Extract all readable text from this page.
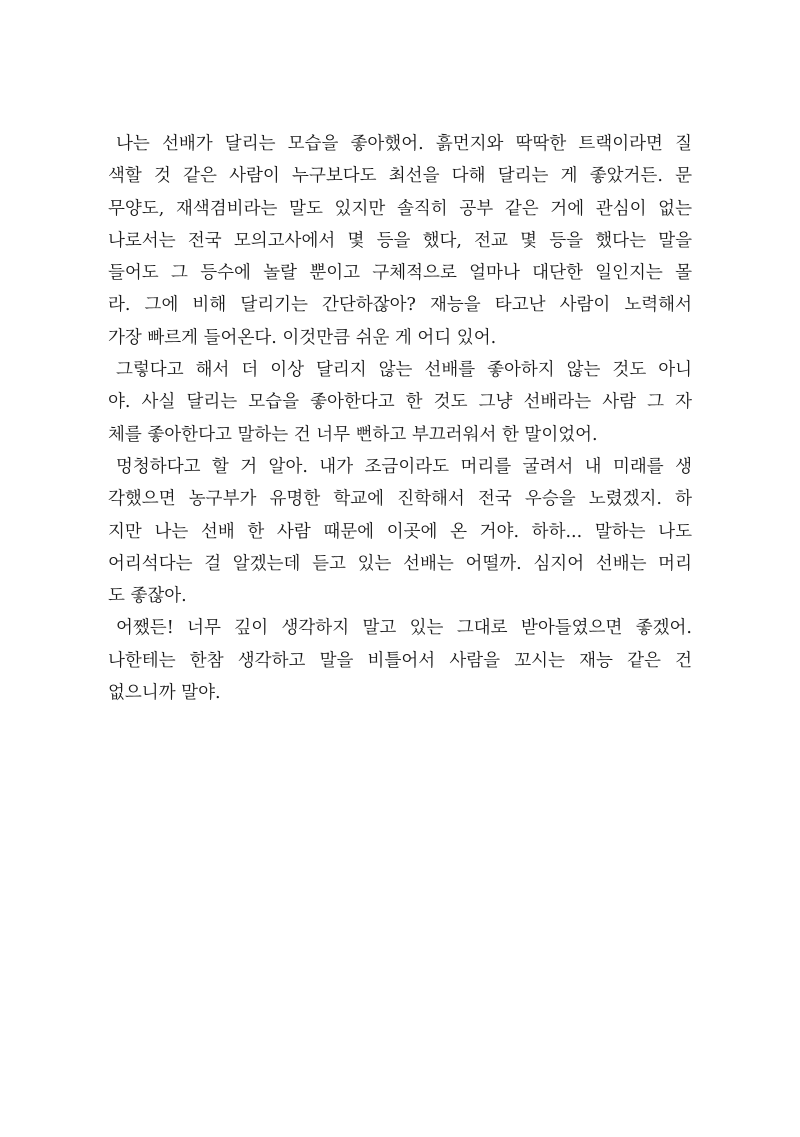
나는 선배가 달리는 모습을 좋아했어. 흙먼지와 딱딱한 트랙이라면 질
색할 것 같은 사람이 누구보다도 최선을 다해 달리는 게 좋았거든. 문
무양도, 재색겸비라는 말도 있지만 솔직히 공부 같은 거에 관심이 없는
나로서는 전국 모의고사에서 몇 등을 했다, 전교 몇 등을 했다는 말을
들어도 그 등수에 놀랄 뿐이고 구체적으로 얼마나 대단한 일인지는 몰
라. 그에 비해 달리기는 간단하잖아? 재능을 타고난 사람이 노력해서
가장 빠르게 들어온다. 이것만큼 쉬운 게 어디 있어.
그렇다고 해서 더 이상 달리지 않는 선배를 좋아하지 않는 것도 아니
야. 사실 달리는 모습을 좋아한다고 한 것도 그냥 선배라는 사람 그 자
체를 좋아한다고 말하는 건 너무 뻔하고 부끄러워서 한 말이었어.
멍청하다고 할 거 알아. 내가 조금이라도 머리를 굴려서 내 미래를 생
각했으면 농구부가 유명한 학교에 진학해서 전국 우승을 노렸겠지. 하
지만 나는 선배 한 사람 때문에 이곳에 온 거야. 하하... 말하는 나도
어리석다는 걸 알겠는데 듣고 있는 선배는 어떨까. 심지어 선배는 머리
도 좋잖아.
어쨌든! 너무 깊이 생각하지 말고 있는 그대로 받아들였으면 좋겠어.
나한테는 한참 생각하고 말을 비틀어서 사람을 꼬시는 재능 같은 건
없으니까 말야.
